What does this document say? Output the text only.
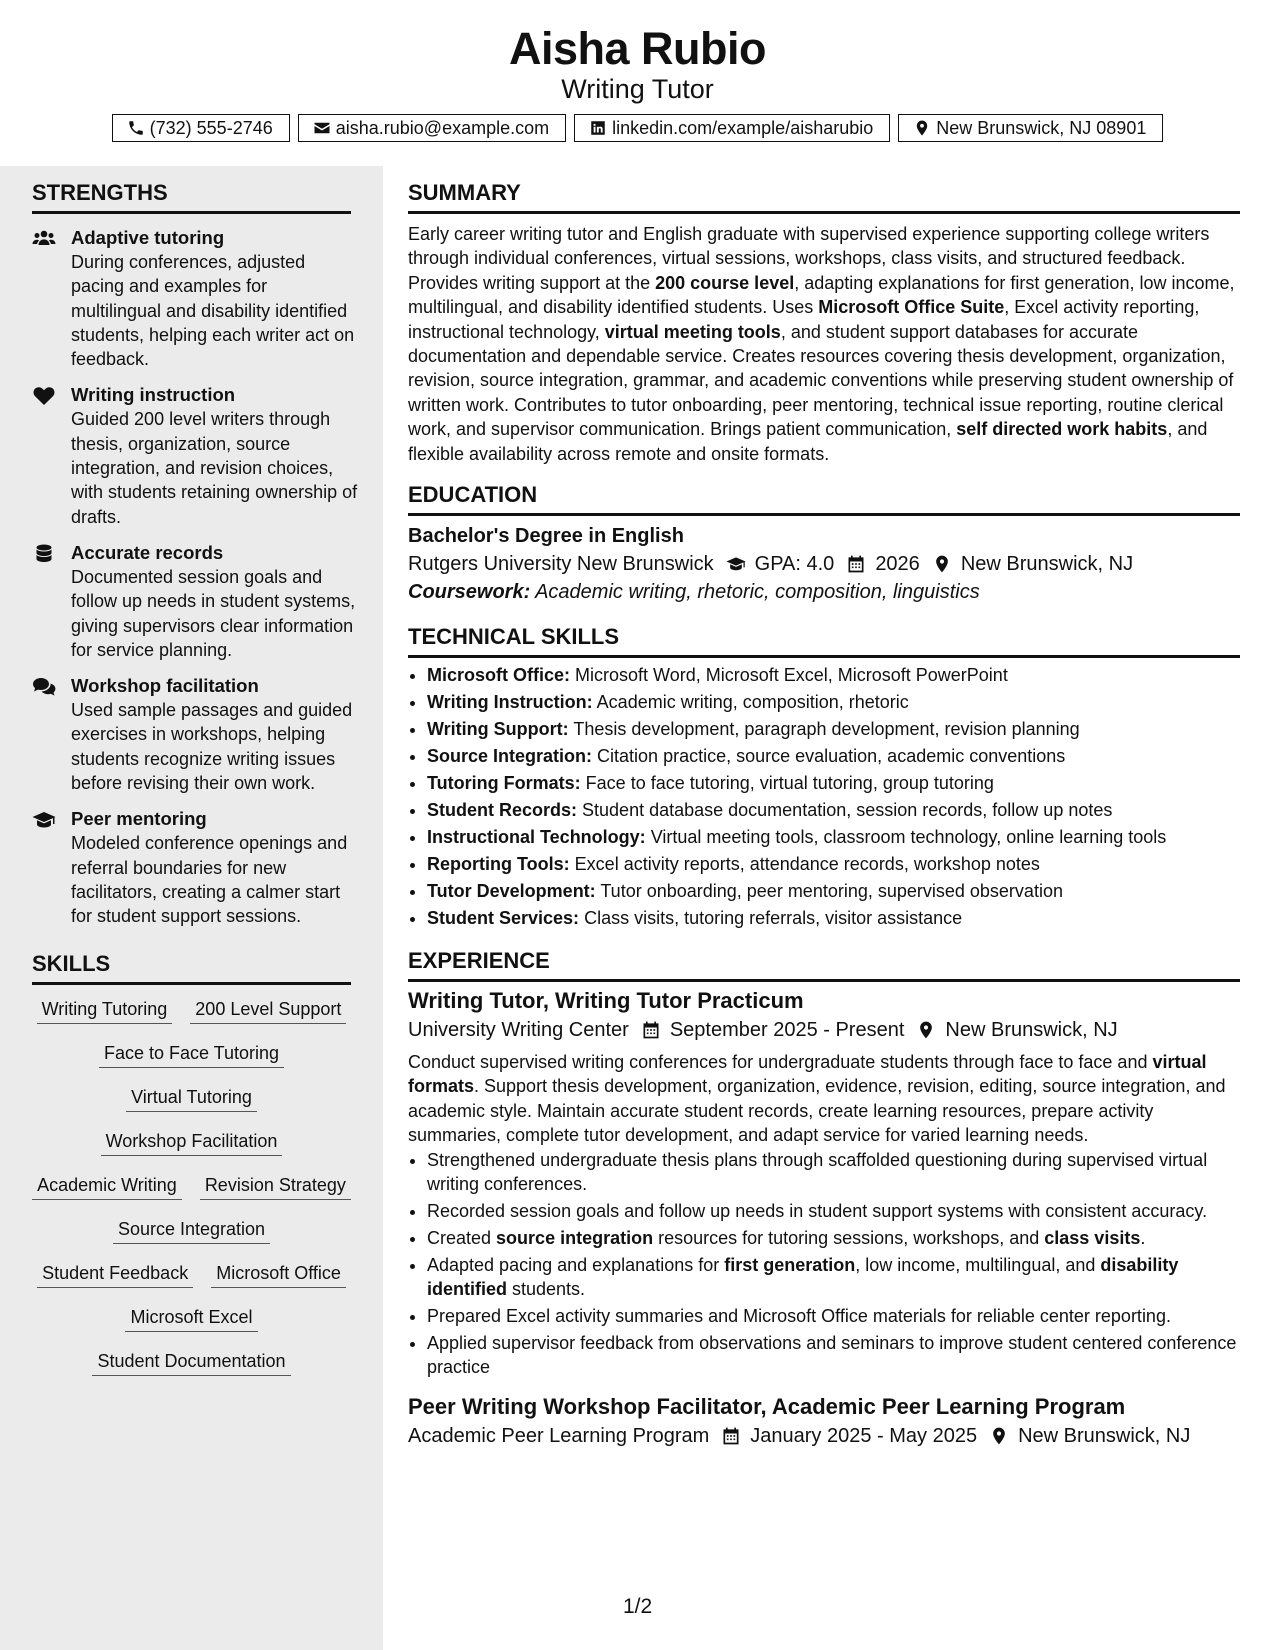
Aisha Rubio
Writing Tutor
(732) 555-2746	aisha.rubio@example.com	linkedin.com/example/aisharubio	New Brunswick, NJ 08901
STRENGTHS
Adaptive tutoring
During conferences, adjusted pacing and examples for multilingual and disability identified students, helping each writer act on feedback.
Writing instruction
Guided 200 level writers through thesis, organization, source integration, and revision choices, with students retaining ownership of drafts.
Accurate records
Documented session goals and follow up needs in student systems, giving supervisors clear information for service planning.
Workshop facilitation
Used sample passages and guided exercises in workshops, helping students recognize writing issues before revising their own work.
Peer mentoring
Modeled conference openings and referral boundaries for new facilitators, creating a calmer start for student support sessions.
SKILLS
Writing Tutoring 200 Level Support
Face to Face Tutoring
Virtual Tutoring
Workshop Facilitation
Academic Writing Revision Strategy
Source Integration
Student Feedback Microsoft Office
Microsoft Excel
Student Documentation
SUMMARY

Early career writing tutor and English graduate with supervised experience supporting college writers through individual conferences, virtual sessions, workshops, class visits, and structured feedback. Provides writing support at the 200 course level, adapting explanations for first generation, low income, multilingual, and disability identified students. Uses Microsoft Office Suite, Excel activity reporting, instructional technology, virtual meeting tools, and student support databases for accurate documentation and dependable service. Creates resources covering thesis development, organization, revision, source integration, grammar, and academic conventions while preserving student ownership of written work. Contributes to tutor onboarding, peer mentoring, technical issue reporting, routine clerical work, and supervisor communication. Brings patient communication, self directed work habits, and flexible availability across remote and onsite formats.

EDUCATION
Bachelor's Degree in English
Rutgers University New Brunswick GPA: 4.0 2026 New Brunswick, NJ
Coursework: Academic writing, rhetoric, composition, linguistics
TECHNICAL SKILLS
• Microsoft Office: Microsoft Word, Microsoft Excel, Microsoft PowerPoint
• Writing Instruction: Academic writing, composition, rhetoric
• Writing Support: Thesis development, paragraph development, revision planning
• Source Integration: Citation practice, source evaluation, academic conventions
• Tutoring Formats: Face to face tutoring, virtual tutoring, group tutoring
• Student Records: Student database documentation, session records, follow up notes
• Instructional Technology: Virtual meeting tools, classroom technology, online learning tools
• Reporting Tools: Excel activity reports, attendance records, workshop notes
• Tutor Development: Tutor onboarding, peer mentoring, supervised observation
• Student Services: Class visits, tutoring referrals, visitor assistance
EXPERIENCE
Writing Tutor, Writing Tutor Practicum
University Writing Center September 2025 - Present New Brunswick, NJ

Conduct supervised writing conferences for undergraduate students through face to face and virtual formats. Support thesis development, organization, evidence, revision, editing, source integration, and academic style. Maintain accurate student records, create learning resources, prepare activity summaries, complete tutor development, and adapt service for varied learning needs.

• Strengthened undergraduate thesis plans through scaffolded questioning during supervised virtual writing conferences.
• Recorded session goals and follow up needs in student support systems with consistent accuracy.
• Created source integration resources for tutoring sessions, workshops, and class visits.
• Adapted pacing and explanations for first generation, low income, multilingual, and disability identified students.
• Prepared Excel activity summaries and Microsoft Office materials for reliable center reporting.
• Applied supervisor feedback from observations and seminars to improve student centered conference practice
Peer Writing Workshop Facilitator, Academic Peer Learning Program
Academic Peer Learning Program January 2025 - May 2025 New Brunswick, NJ
1/2
